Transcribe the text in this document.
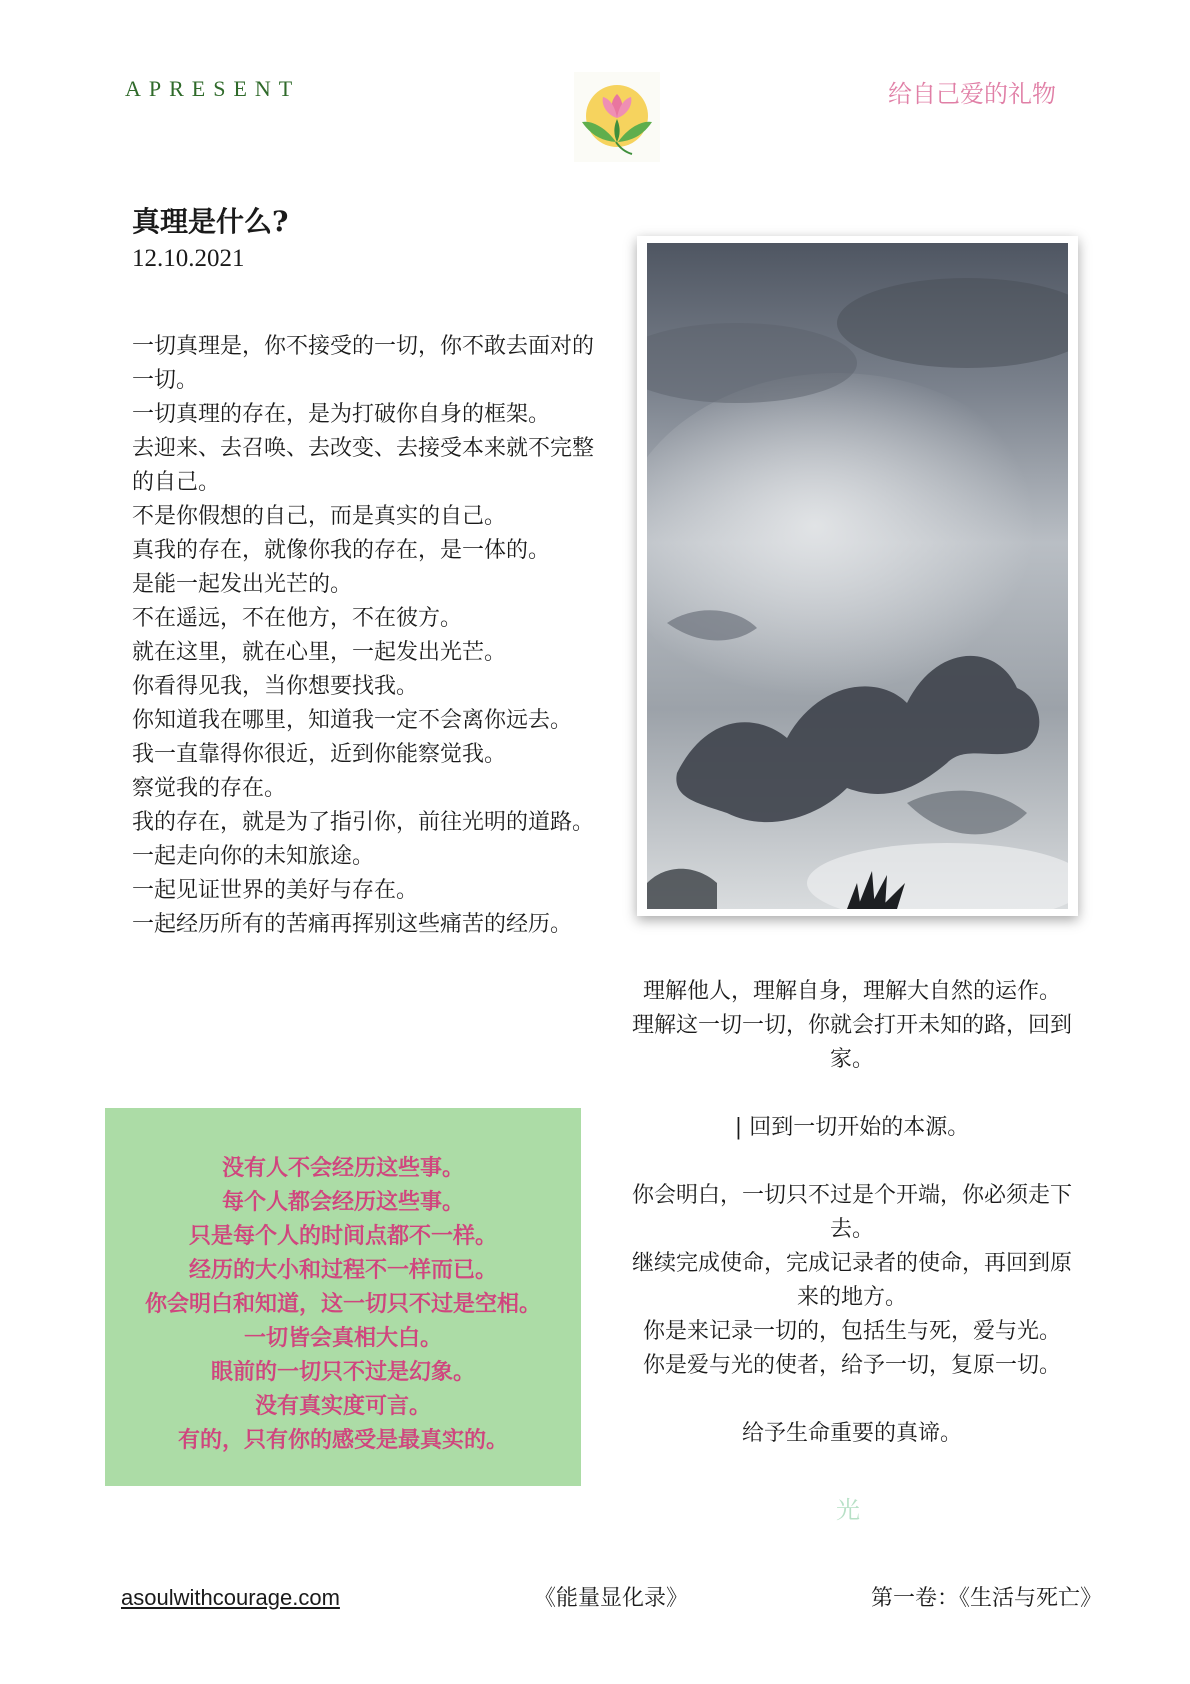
APRESENT	给自己爱的礼物
真理是什么?
12.10.2021

一切真理是，你不接受的一切，你不敢去面对的一切。

一切真理的存在，是为打破你自身的框架。

去迎来、去召唤、去改变、去接受本来就不完整的自己。

不是你假想的自己，而是真实的自己。

真我的存在，就像你我的存在，是一体的。

是能一起发出光芒的。

不在遥远，不在他方，不在彼方。

就在这里，就在心里，一起发出光芒。

你看得见我，当你想要找我。

你知道我在哪里，知道我一定不会离你远去。

我一直靠得你很近，近到你能察觉我。

察觉我的存在。

我的存在，就是为了指引你，前往光明的道路。

一起走向你的未知旅途。

一起见证世界的美好与存在。

一起经历所有的苦痛再挥别这些痛苦的经历。

理解他人，理解自身，理解大自然的运作。

理解这一切一切，你就会打开未知的路，回到家。

| 回到一切开始的本源。

你会明白，一切只不过是个开端，你必须走下去。

继续完成使命，完成记录者的使命，再回到原来的地方。

你是来记录一切的，包括生与死，爱与光。

你是爱与光的使者，给予一切，复原一切。

给予生命重要的真谛。

没有人不会经历这些事。

每个人都会经历这些事。

只是每个人的时间点都不一样。

经历的大小和过程不一样而已。

你会明白和知道，这一切只不过是空相。

一切皆会真相大白。

眼前的一切只不过是幻象。

没有真实度可言。

有的，只有你的感受是最真实的。

光
asoulwithcourage.com	《能量显化录》	第一卷：《生活与死亡》
